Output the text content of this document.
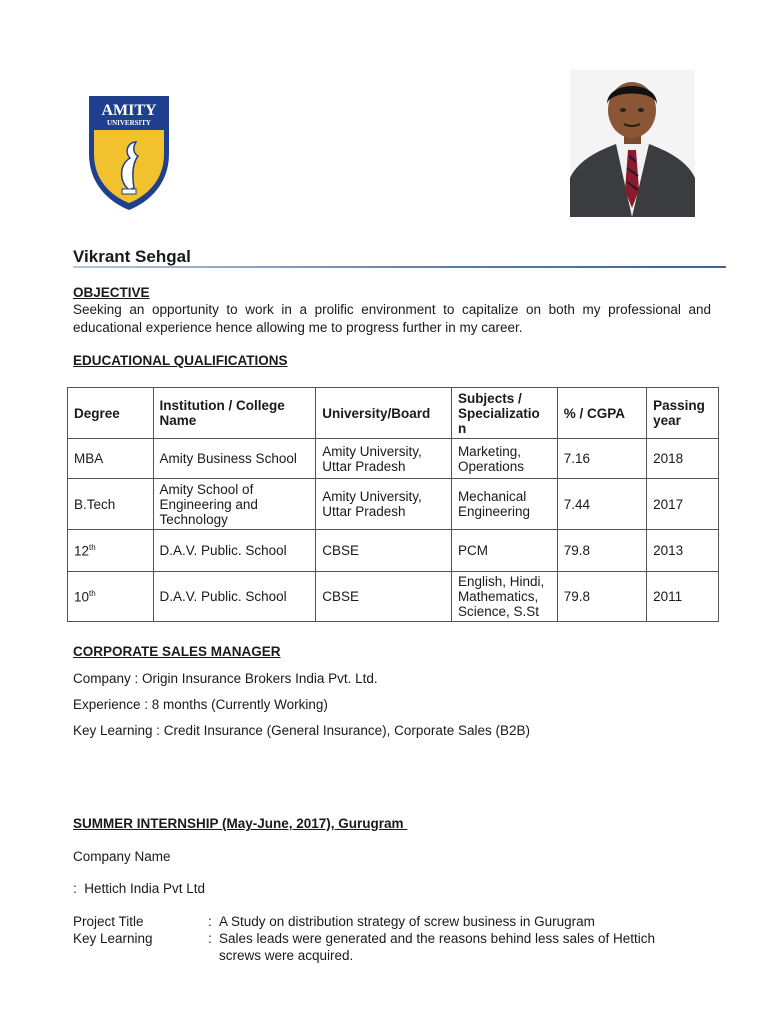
AMITY
UNIVERSITY
Vikrant Sehgal
OBJECTIVE
Seeking an opportunity to work in a prolific environment to capitalize on both my professional and educational experience hence allowing me to progress further in my career.
EDUCATIONAL QUALIFICATIONS
Degree	Institution / College Name	University/Board	Subjects / Specializatio n	% / CGPA	Passing year
MBA	Amity Business School	Amity University, Uttar Pradesh	Marketing, Operations	7.16	2018
B.Tech	Amity School of Engineering and Technology	Amity University, Uttar Pradesh	Mechanical Engineering	7.44	2017
12th	D.A.V. Public. School	CBSE	PCM	79.8	2013
10th	D.A.V. Public. School	CBSE	English, Hindi, Mathematics, Science, S.St	79.8	2011
CORPORATE SALES MANAGER
Company : Origin Insurance Brokers India Pvt. Ltd.
Experience : 8 months (Currently Working)
Key Learning : Credit Insurance (General Insurance), Corporate Sales (B2B)
SUMMER INTERNSHIP (May-June, 2017), Gurugram
Company Name
:  Hettich India Pvt Ltd
Project Title	: A Study on distribution strategy of screw business in Gurugram
Key Learning	: Sales leads were generated and the reasons behind less sales of Hettich
screws were acquired.
